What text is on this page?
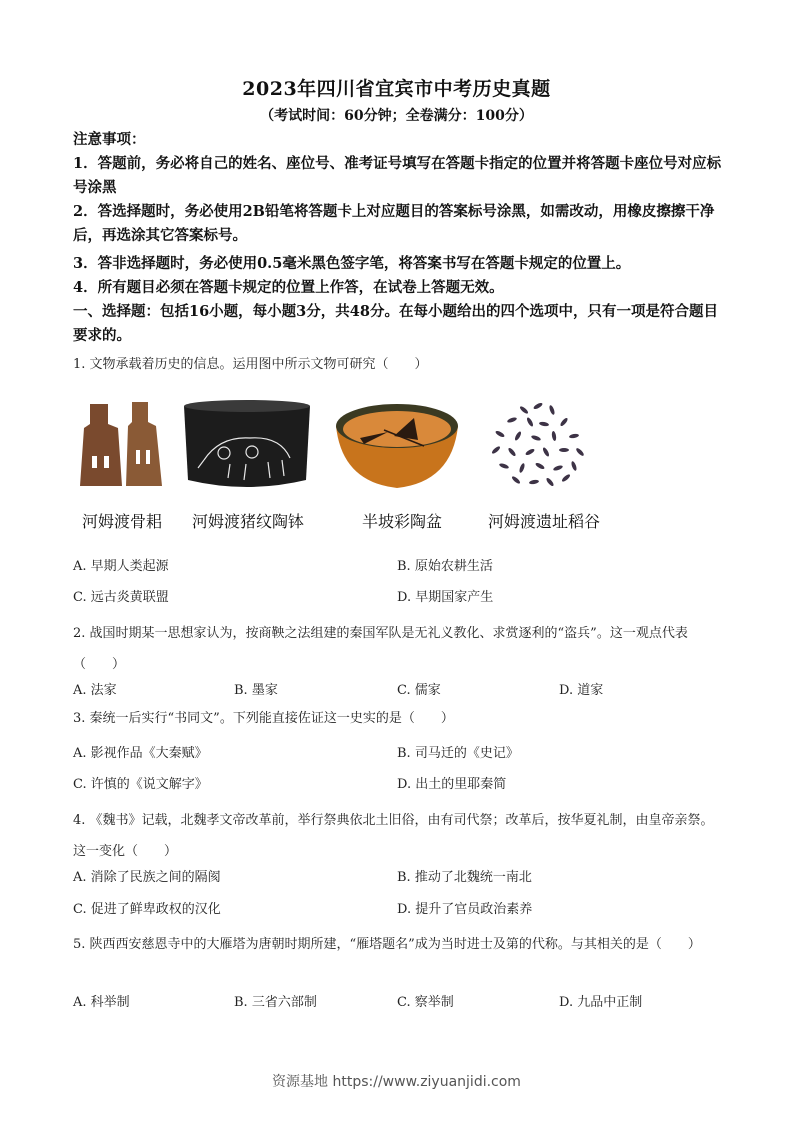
2023年四川省宜宾市中考历史真题
（考试时间：60分钟；全卷满分：100分）
注意事项：
1．答题前，务必将自己的姓名、座位号、准考证号填写在答题卡指定的位置并将答题卡座位号对应标号涂黑
2．答选择题时，务必使用2B铅笔将答题卡上对应题目的答案标号涂黑，如需改动，用橡皮擦擦干净后，再选涂其它答案标号。
3．答非选择题时，务必使用0.5毫米黑色签字笔，将答案书写在答题卡规定的位置上。
4．所有题目必须在答题卡规定的位置上作答，在试卷上答题无效。
一、选择题：包括16小题，每小题3分，共48分。在每小题给出的四个选项中，只有一项是符合题目要求的。
1. 文物承载着历史的信息。运用图中所示文物可研究（　　）
河姆渡骨耜 河姆渡猪纹陶钵	半坡彩陶盆	河姆渡遗址稻谷
A. 早期人类起源	B. 原始农耕生活
C. 远古炎黄联盟	D. 早期国家产生
2. 战国时期某一思想家认为，按商鞅之法组建的秦国军队是无礼义教化、求赏逐利的“盗兵”。这一观点代表（　　）
A. 法家	B. 墨家	C. 儒家	D. 道家
3. 秦统一后实行“书同文”。下列能直接佐证这一史实的是（　　）
A. 影视作品《大秦赋》	B. 司马迁的《史记》
C. 许慎的《说文解字》	D. 出土的里耶秦简
4. 《魏书》记载，北魏孝文帝改革前，举行祭典依北土旧俗，由有司代祭；改革后，按华夏礼制，由皇帝亲祭。这一变化（　　）
A. 消除了民族之间的隔阂	B. 推动了北魏统一南北
C. 促进了鲜卑政权的汉化	D. 提升了官员政治素养
5. 陕西西安慈恩寺中的大雁塔为唐朝时期所建，“雁塔题名”成为当时进士及第的代称。与其相关的是（　　）
A. 科举制	B. 三省六部制	C. 察举制	D. 九品中正制
资源基地 https://www.ziyuanjidi.com
